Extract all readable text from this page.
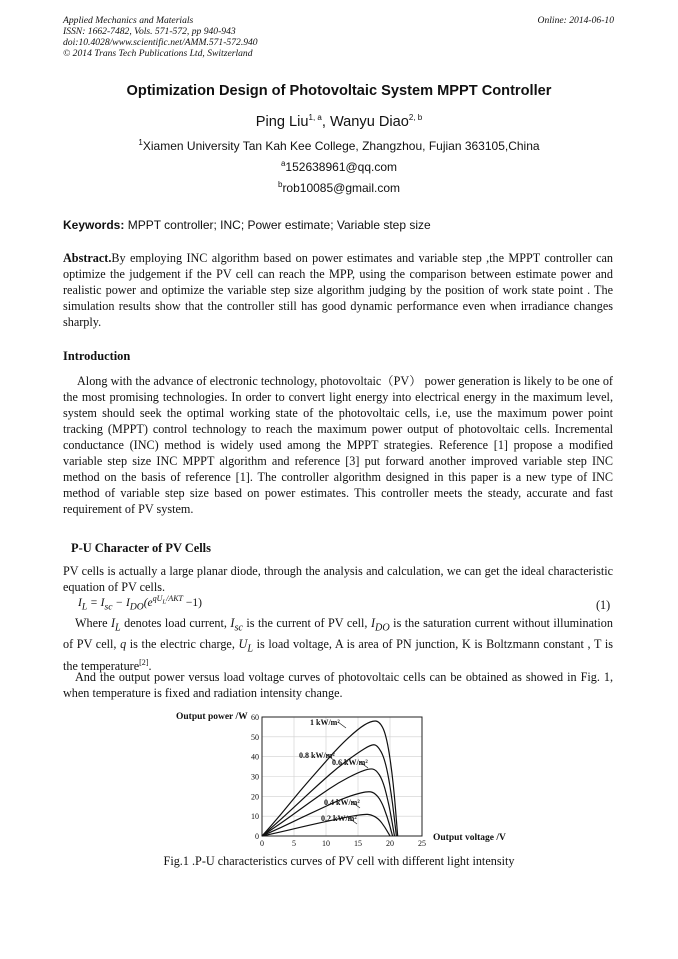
Applied Mechanics and Materials
ISSN: 1662-7482, Vols. 571-572, pp 940-943
doi:10.4028/www.scientific.net/AMM.571-572.940
© 2014 Trans Tech Publications Ltd, Switzerland
Online: 2014-06-10
Optimization Design of Photovoltaic System MPPT Controller
Ping Liu$^{1, a}$, Wanyu Diao$^{2, b}$
$^1$Xiamen University Tan Kah Kee College, Zhangzhou, Fujian 363105,China
$^a$152638961@qq.com
$^b$rob10085@gmail.com
Keywords: MPPT controller; INC; Power estimate; Variable step size
Abstract.By employing INC algorithm based on power estimates and variable step ,the MPPT controller can optimize the judgement if the PV cell can reach the MPP, using the comparison between estimate power and realistic power and optimize the variable step size algorithm judging by the position of work state point . The simulation results show that the controller still has good dynamic performance even when irradiance changes sharply.
Introduction
Along with the advance of electronic technology, photovoltaic（PV） power generation is likely to be one of the most promising technologies. In order to convert light energy into electrical energy in the maximum level, system should seek the optimal working state of the photovoltaic cells, i.e, use the maximum power point tracking (MPPT) control technology to reach the maximum power output of photovoltaic cells. Incremental conductance (INC) method is widely used among the MPPT strategies. Reference [1] propose a modified variable step size INC MPPT algorithm and reference [3] put forward another improved variable step INC method on the basis of reference [1]. The controller algorithm designed in this paper is a new type of INC method of variable step size based on power estimates. This controller meets the steady, accurate and fast requirement of PV system.
P-U Character of PV Cells
PV cells is actually a large planar diode, through the analysis and calculation, we can get the ideal characteristic equation of PV cells.
$I_L = I_{sc} - I_{DO}(e^{qU_L/AKT} -1)$	(1)
Where $I_L$ denotes load current, $I_{sc}$ is the current of PV cell, $I_{DO}$ is the saturation current without illumination of PV cell, q is the electric charge, $U_L$ is load voltage, A is area of PN junction, K is Boltzmann constant , T is the temperature[2].
And the output power versus load voltage curves of photovoltaic cells can be obtained as showed in Fig. 1, when temperature is fixed and radiation intensity change.
0	5	10	15	20	25
0
10
20
30
40
50
60
1 kW/m²
0.8 kW/m²
0.6 kW/m²
0.4 kW/m²
0.2 kW/m²
Output power /W
Output voltage /V
Fig.1 .P-U characteristics curves of PV cell with different light intensity
